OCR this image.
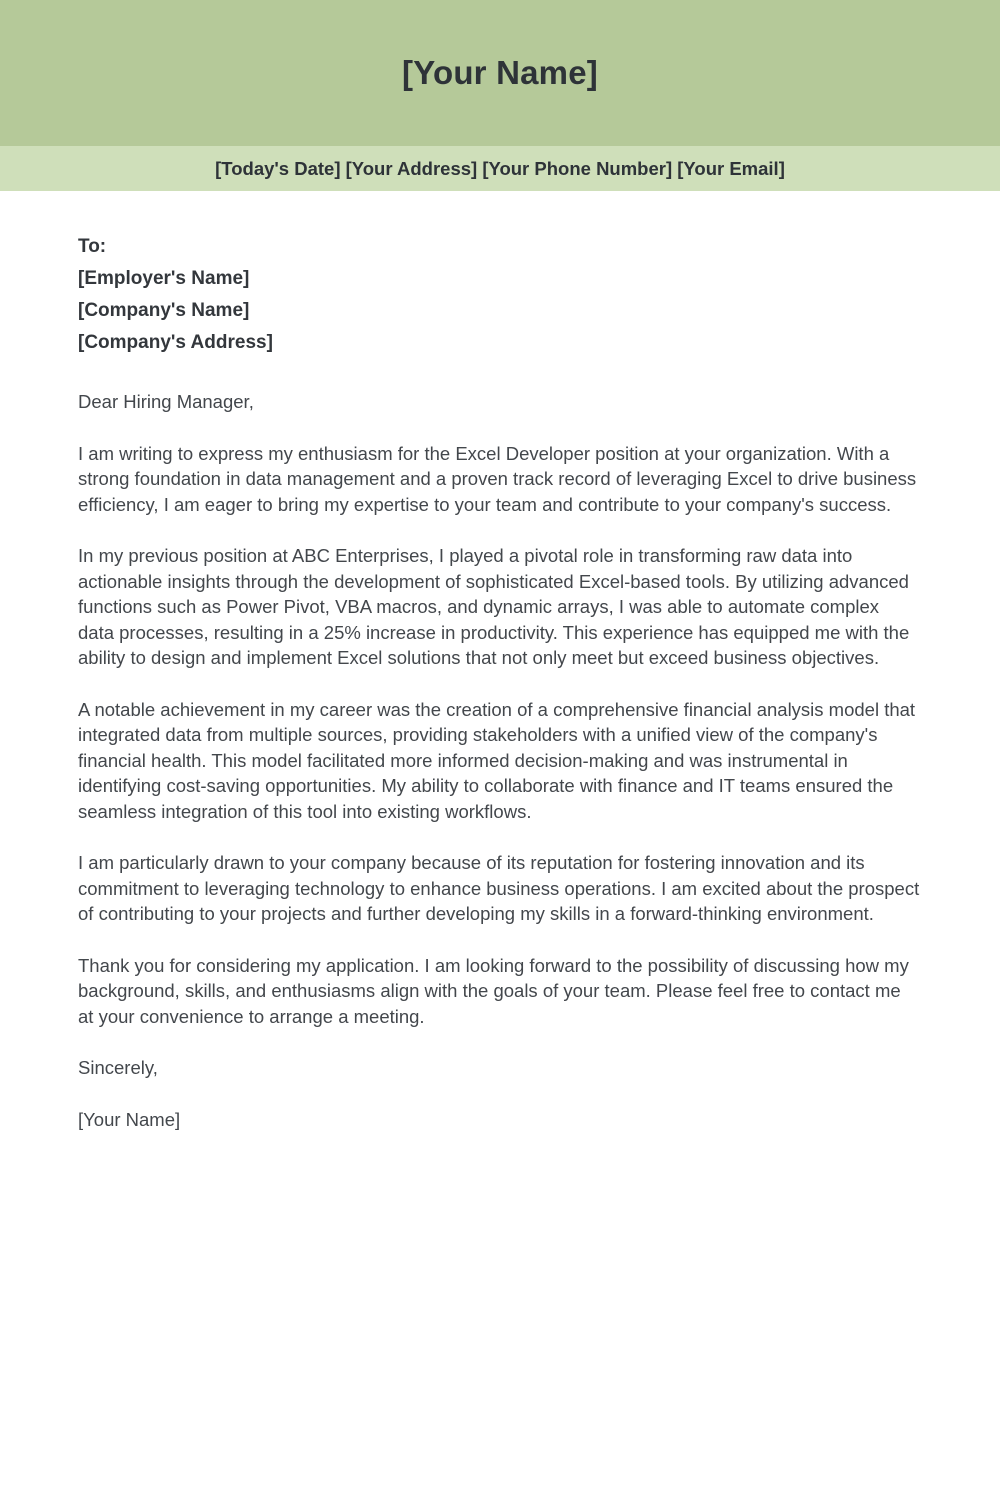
[Your Name]
[Today's Date] [Your Address] [Your Phone Number] [Your Email]
To:
[Employer's Name]
[Company's Name]
[Company's Address]

Dear Hiring Manager,

I am writing to express my enthusiasm for the Excel Developer position at your organization. With a strong foundation in data management and a proven track record of leveraging Excel to drive business efficiency, I am eager to bring my expertise to your team and contribute to your company's success.

In my previous position at ABC Enterprises, I played a pivotal role in transforming raw data into actionable insights through the development of sophisticated Excel-based tools. By utilizing advanced functions such as Power Pivot, VBA macros, and dynamic arrays, I was able to automate complex data processes, resulting in a 25% increase in productivity. This experience has equipped me with the ability to design and implement Excel solutions that not only meet but exceed business objectives.

A notable achievement in my career was the creation of a comprehensive financial analysis model that integrated data from multiple sources, providing stakeholders with a unified view of the company's financial health. This model facilitated more informed decision-making and was instrumental in identifying cost-saving opportunities. My ability to collaborate with finance and IT teams ensured the seamless integration of this tool into existing workflows.

I am particularly drawn to your company because of its reputation for fostering innovation and its commitment to leveraging technology to enhance business operations. I am excited about the prospect of contributing to your projects and further developing my skills in a forward-thinking environment.

Thank you for considering my application. I am looking forward to the possibility of discussing how my background, skills, and enthusiasms align with the goals of your team. Please feel free to contact me at your convenience to arrange a meeting.

Sincerely,

[Your Name]
